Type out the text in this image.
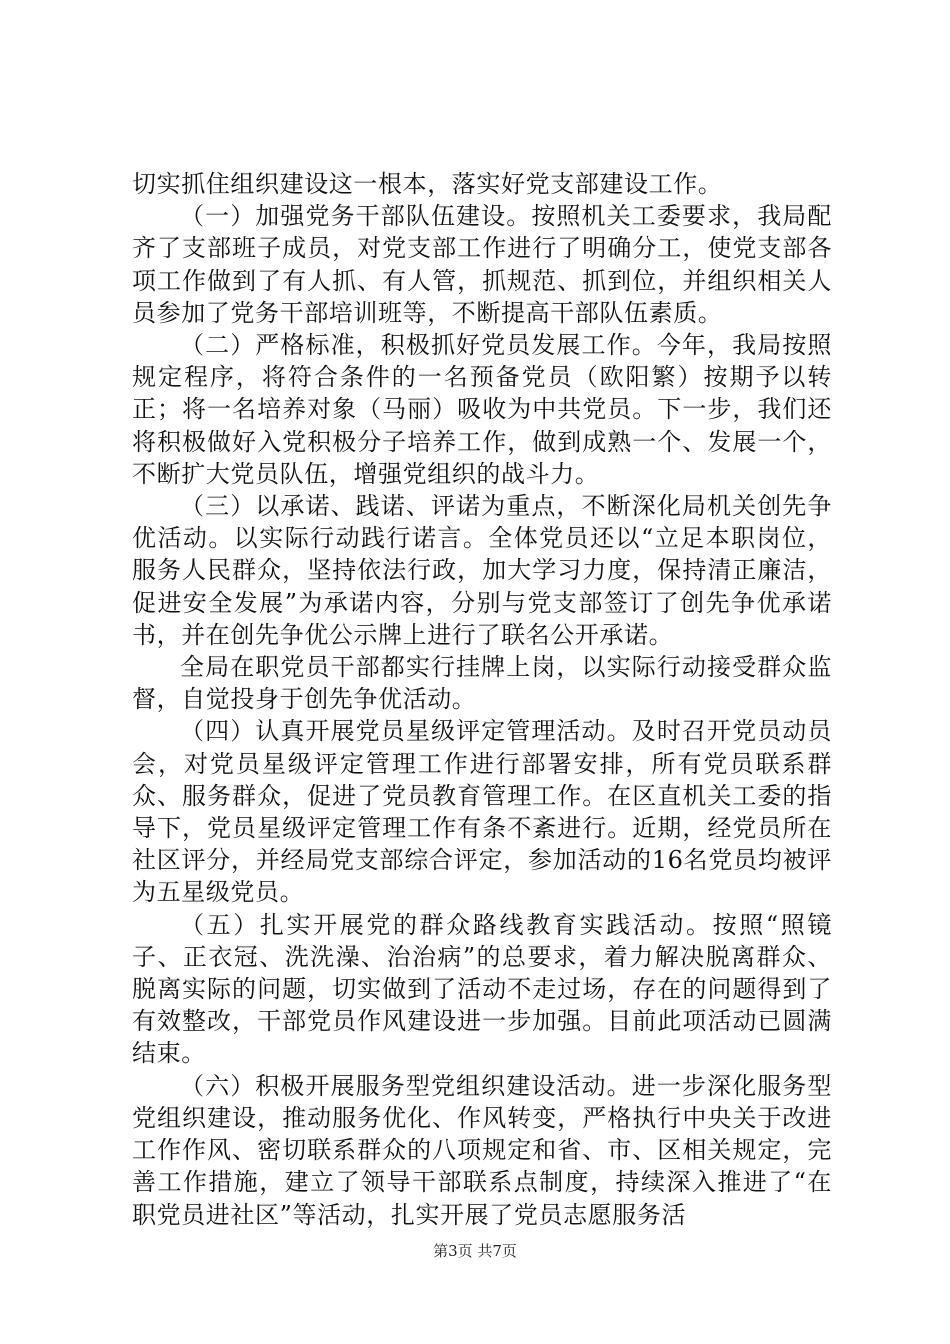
切实抓住组织建设这一根本，落实好党支部建设工作。

（一）加强党务干部队伍建设。按照机关工委要求，我局配齐了支部班子成员，对党支部工作进行了明确分工，使党支部各项工作做到了有人抓、有人管，抓规范、抓到位，并组织相关人员参加了党务干部培训班等，不断提高干部队伍素质。

（二）严格标准，积极抓好党员发展工作。今年，我局按照规定程序，将符合条件的一名预备党员（欧阳繁）按期予以转正；将一名培养对象（马丽）吸收为中共党员。下一步，我们还将积极做好入党积极分子培养工作，做到成熟一个、发展一个，不断扩大党员队伍，增强党组织的战斗力。

（三）以承诺、践诺、评诺为重点，不断深化局机关创先争优活动。以实际行动践行诺言。全体党员还以“立足本职岗位，服务人民群众，坚持依法行政，加大学习力度，保持清正廉洁，促进安全发展”为承诺内容，分别与党支部签订了创先争优承诺书，并在创先争优公示牌上进行了联名公开承诺。

全局在职党员干部都实行挂牌上岗，以实际行动接受群众监督，自觉投身于创先争优活动。

（四）认真开展党员星级评定管理活动。及时召开党员动员会，对党员星级评定管理工作进行部署安排，所有党员联系群众、服务群众，促进了党员教育管理工作。在区直机关工委的指导下，党员星级评定管理工作有条不紊进行。近期，经党员所在社区评分，并经局党支部综合评定，参加活动的16名党员均被评为五星级党员。

（五）扎实开展党的群众路线教育实践活动。按照“照镜子、正衣冠、洗洗澡、治治病”的总要求，着力解决脱离群众、脱离实际的问题，切实做到了活动不走过场，存在的问题得到了有效整改，干部党员作风建设进一步加强。目前此项活动已圆满结束。

（六）积极开展服务型党组织建设活动。进一步深化服务型党组织建设，推动服务优化、作风转变，严格执行中央关于改进工作作风、密切联系群众的八项规定和省、市、区相关规定，完善工作措施，建立了领导干部联系点制度，持续深入推进了“在职党员进社区”等活动，扎实开展了党员志愿服务活

第3页 共7页
